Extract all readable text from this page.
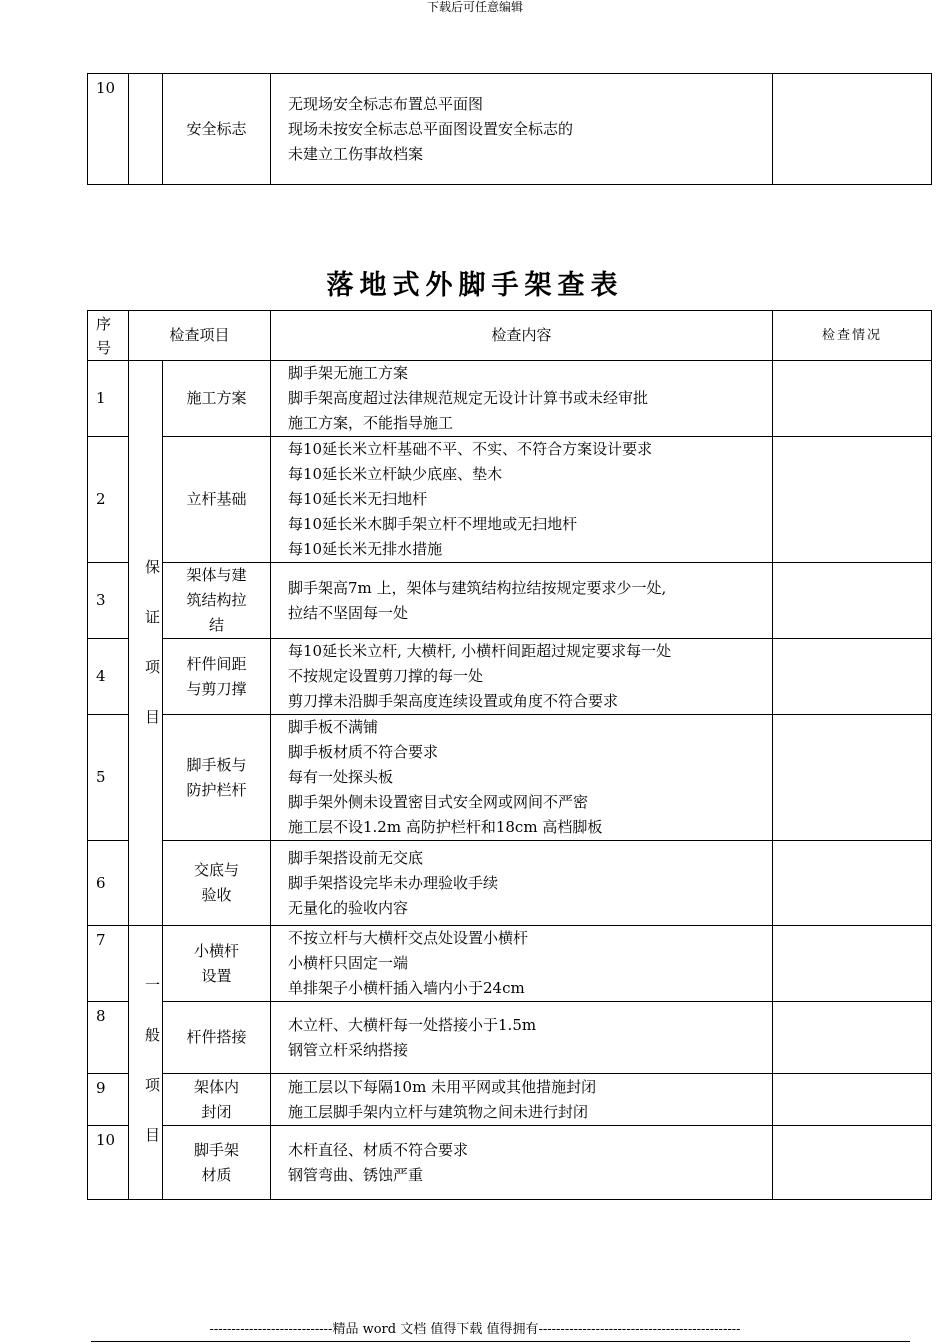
下载后可任意编辑
10		安全标志	
无现场安全标志布置总平面图
现场未按安全标志总平面图设置安全标志的
未建立工伤事故档案

落地式外脚手架查表
序号	检查项目		检查内容	检查情况
1		施工方案	脚手架无施工方案
脚手架高度超过法律规范规定无设计计算书或未经审批
施工方案，不能指导施工	

2		立杆基础	每10延长米立杆基础不平、不实、不符合方案设计要求
每10延长米立杆缺少底座、垫木
每10延长米无扫地杆
每10延长米木脚手架立杆不埋地或无扫地杆
每10延长米无排水措施	

3		架体与建筑结构拉结	脚手架高7m 上，架体与建筑结构拉结按规定要求少一处,
拉结不坚固每一处	

4		杆件间距与剪刀撑	每10延长米立杆, 大横杆, 小横杆间距超过规定要求每一处
不按规定设置剪刀撑的每一处
剪刀撑未沿脚手架高度连续设置或角度不符合要求	

5		脚手板与防护栏杆	脚手板不满铺
脚手板材质不符合要求
每有一处探头板
脚手架外侧未设置密目式安全网或网间不严密
施工层不设1.2m 高防护栏杆和18cm 高档脚板	

6		交底与验收	脚手架搭设前无交底
脚手架搭设完毕未办理验收手续
无量化的验收内容	

7		小横杆设置	不按立杆与大横杆交点处设置小横杆
小横杆只固定一端
单排架子小横杆插入墙内小于24cm	

8		杆件搭接	木立杆、大横杆每一处搭接小于1.5m
钢管立杆采纳搭接	

9		架体内封闭	施工层以下每隔10m 未用平网或其他措施封闭
施工层脚手架内立杆与建筑物之间未进行封闭	

10		脚手架材质	木杆直径、材质不符合要求
钢管弯曲、锈蚀严重	

保
证
项
目
一
般
项
目
----------------------------精品 word 文档 值得下载 值得拥有----------------------------------------------
